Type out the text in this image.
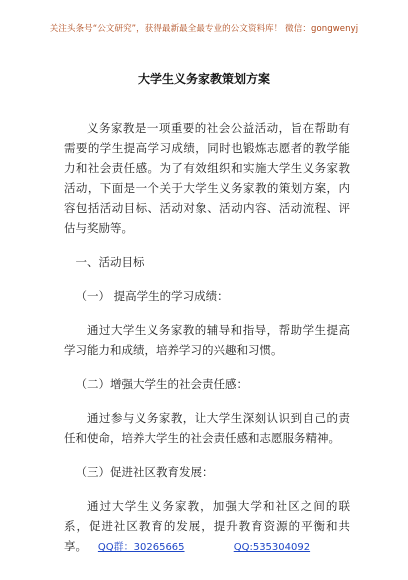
关注头条号“公文研究”，获得最新最全最专业的公文资料库！ 微信：gongwenyj
大学生义务家教策划方案

义务家教是一项重要的社会公益活动，旨在帮助有需要的学生提高学习成绩，同时也锻炼志愿者的教学能力和社会责任感。为了有效组织和实施大学生义务家教活动，下面是一个关于大学生义务家教的策划方案，内容包括活动目标、活动对象、活动内容、活动流程、评估与奖励等。

一、活动目标

（一） 提高学生的学习成绩：

通过大学生义务家教的辅导和指导，帮助学生提高学习能力和成绩，培养学习的兴趣和习惯。

（二）增强大学生的社会责任感：

通过参与义务家教，让大学生深刻认识到自己的责任和使命，培养大学生的社会责任感和志愿服务精神。

（三）促进社区教育发展：

通过大学生义务家教，加强大学和社区之间的联系，促进社区教育的发展，提升教育资源的平衡和共享。	QQ群：30265665	QQ:535304092
